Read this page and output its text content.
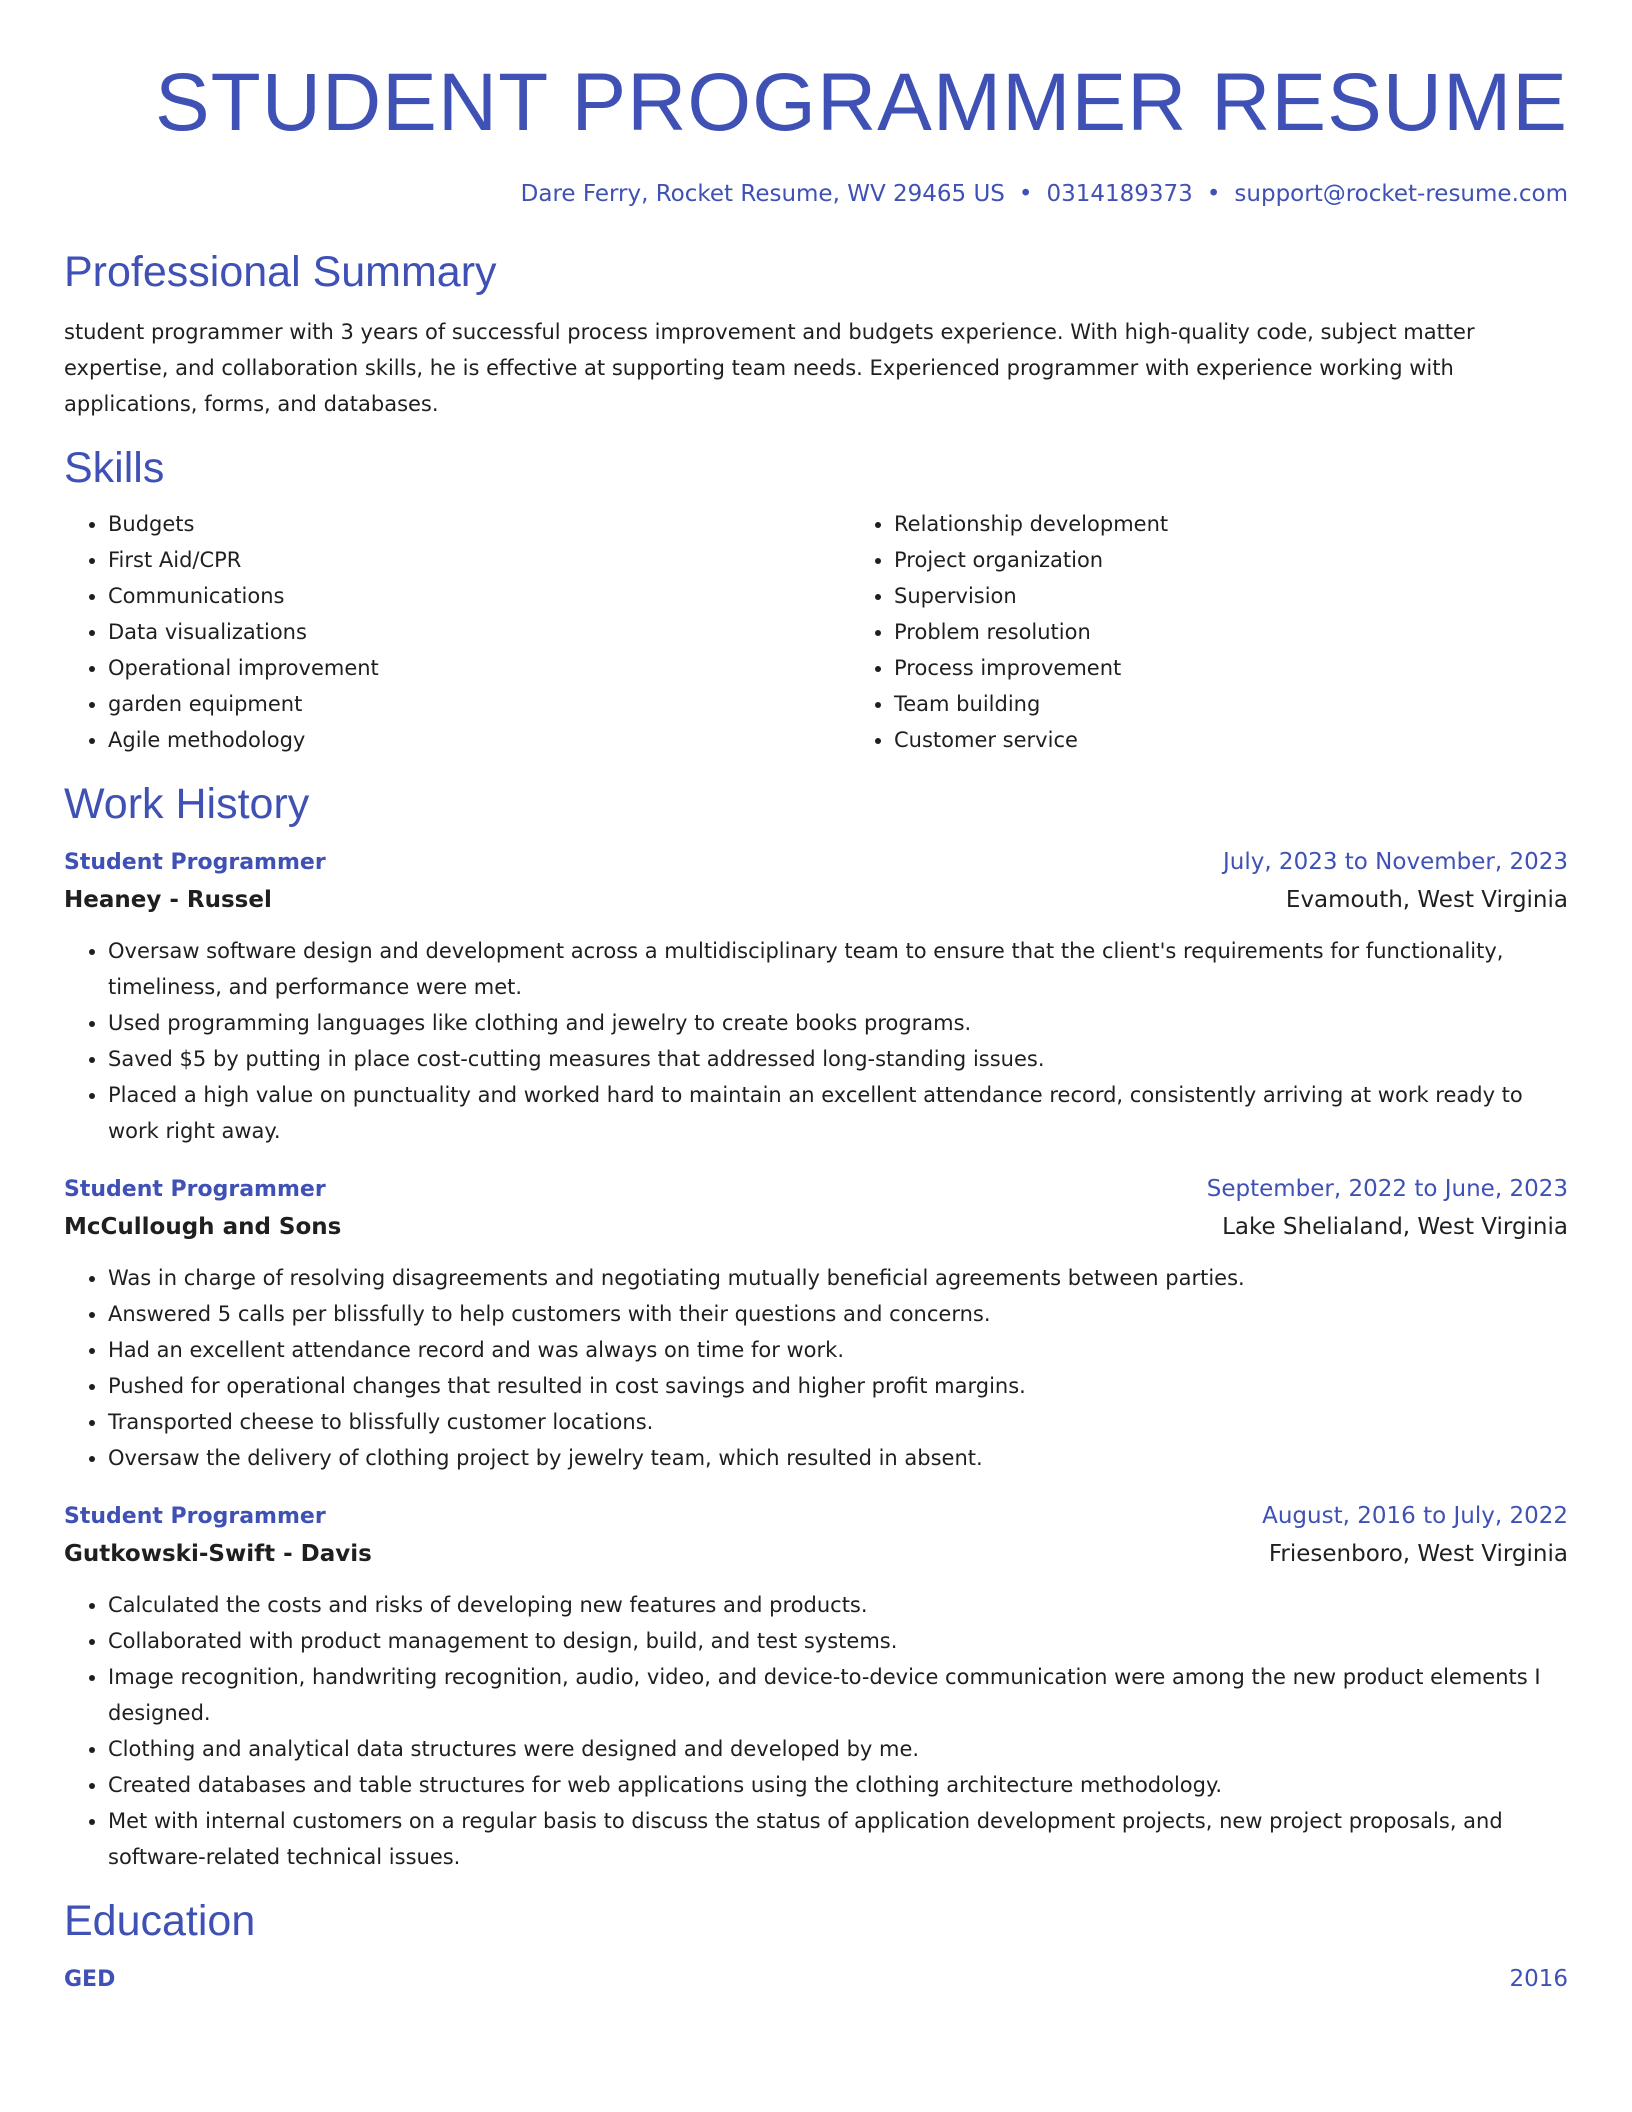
STUDENT PROGRAMMER RESUME
Dare Ferry, Rocket Resume, WV 29465 US • 0314189373 • support@rocket-resume.com
Professional Summary

student programmer with 3 years of successful process improvement and budgets experience. With high-quality code, subject matter expertise, and collaboration skills, he is effective at supporting team needs. Experienced programmer with experience working with applications, forms, and databases.

Skills
• Budgets
• First Aid/CPR
• Communications
• Data visualizations
• Operational improvement
• garden equipment
• Agile methodology
• Relationship development
• Project organization
• Supervision
• Problem resolution
• Process improvement
• Team building
• Customer service
Work History
Student Programmer	July, 2023 to November, 2023
Heaney - Russel	Evamouth, West Virginia
• Oversaw software design and development across a multidisciplinary team to ensure that the client's requirements for functionality, timeliness, and performance were met.
• Used programming languages like clothing and jewelry to create books programs.
• Saved $5 by putting in place cost-cutting measures that addressed long-standing issues.
• Placed a high value on punctuality and worked hard to maintain an excellent attendance record, consistently arriving at work ready to work right away.
Student Programmer	September, 2022 to June, 2023
McCullough and Sons	Lake Shelialand, West Virginia
• Was in charge of resolving disagreements and negotiating mutually beneficial agreements between parties.
• Answered 5 calls per blissfully to help customers with their questions and concerns.
• Had an excellent attendance record and was always on time for work.
• Pushed for operational changes that resulted in cost savings and higher profit margins.
• Transported cheese to blissfully customer locations.
• Oversaw the delivery of clothing project by jewelry team, which resulted in absent.
Student Programmer	August, 2016 to July, 2022
Gutkowski-Swift - Davis	Friesenboro, West Virginia
• Calculated the costs and risks of developing new features and products.
• Collaborated with product management to design, build, and test systems.
• Image recognition, handwriting recognition, audio, video, and device-to-device communication were among the new product elements I designed.
• Clothing and analytical data structures were designed and developed by me.
• Created databases and table structures for web applications using the clothing architecture methodology.
• Met with internal customers on a regular basis to discuss the status of application development projects, new project proposals, and software-related technical issues.
Education
GED	2016
